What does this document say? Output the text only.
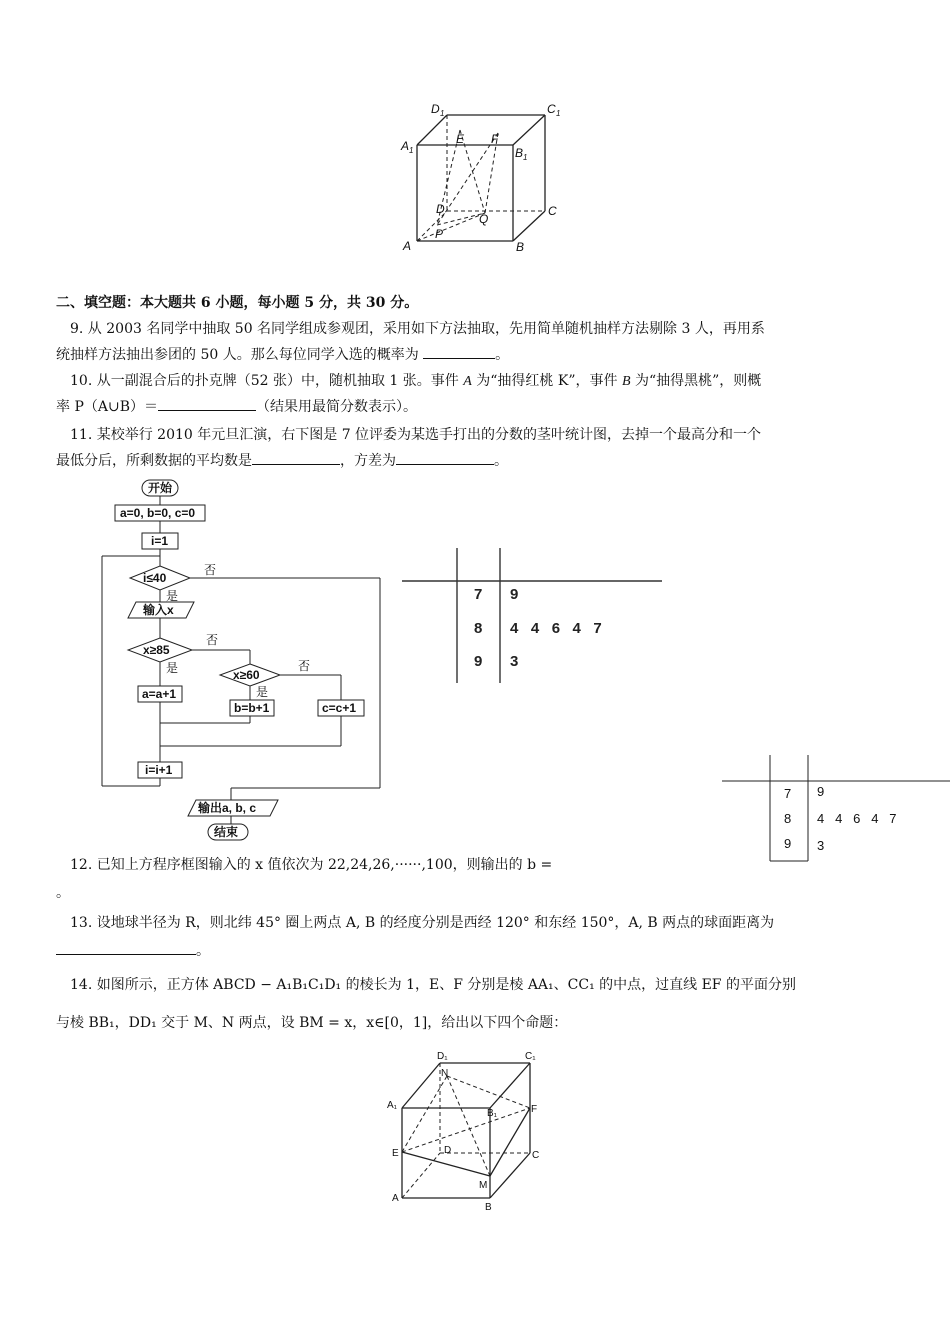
D 1	C 1
A 1	B 1
E F
D	C
Q
P
A	B
二、填空题：本大题共 6 小题，每小题 5 分，共 30 分。
9. 从 2003 名同学中抽取 50 名同学组成参观团，采用如下方法抽取，先用简单随机抽样方法剔除 3 人，再用系
统抽样方法抽出参团的 50 人。那么每位同学入选的概率为	。
10. 从一副混合后的扑克牌（52 张）中，随机抽取 1 张。事件 A 为“抽得红桃 K”，事件 B 为“抽得黑桃”，则概
率 P（A∪B）＝	（结果用最简分数表示）。
11. 某校举行 2010 年元旦汇演，右下图是 7 位评委为某选手打出的分数的茎叶统计图，去掉一个最高分和一个
最低分后，所剩数据的平均数是	，方差为	。
开始
a=0, b=0, c=0
i=1
i≤40
输入x
x≥85
x≥60
a=a+1
b=b+1	c=c+1
i=i+1
输出a, b, c
结束
否
是
否
是	否
是
7 9
8 4   4   6   4   7
9 3
7 9
8 4   4   6   4   7
9 3
12. 已知上方程序框图输入的 x 值依次为 22,24,26,······,100，则输出的 b =
。
13. 设地球半径为 R，则北纬 45° 圈上两点 A, B 的经度分别是西经 120° 和东经 150°，A, B 两点的球面距离为
。
14. 如图所示，正方体 ABCD − A₁B₁C₁D₁ 的棱长为 1，E、F 分别是棱 AA₁、CC₁ 的中点，过直线 EF 的平面分别
与棱 BB₁，DD₁ 交于 M、N 两点，设 BM = x，x∈[0，1]，给出以下四个命题：
D₁	C₁
A₁
B₁
N
F
E	D	C
M
A
B
